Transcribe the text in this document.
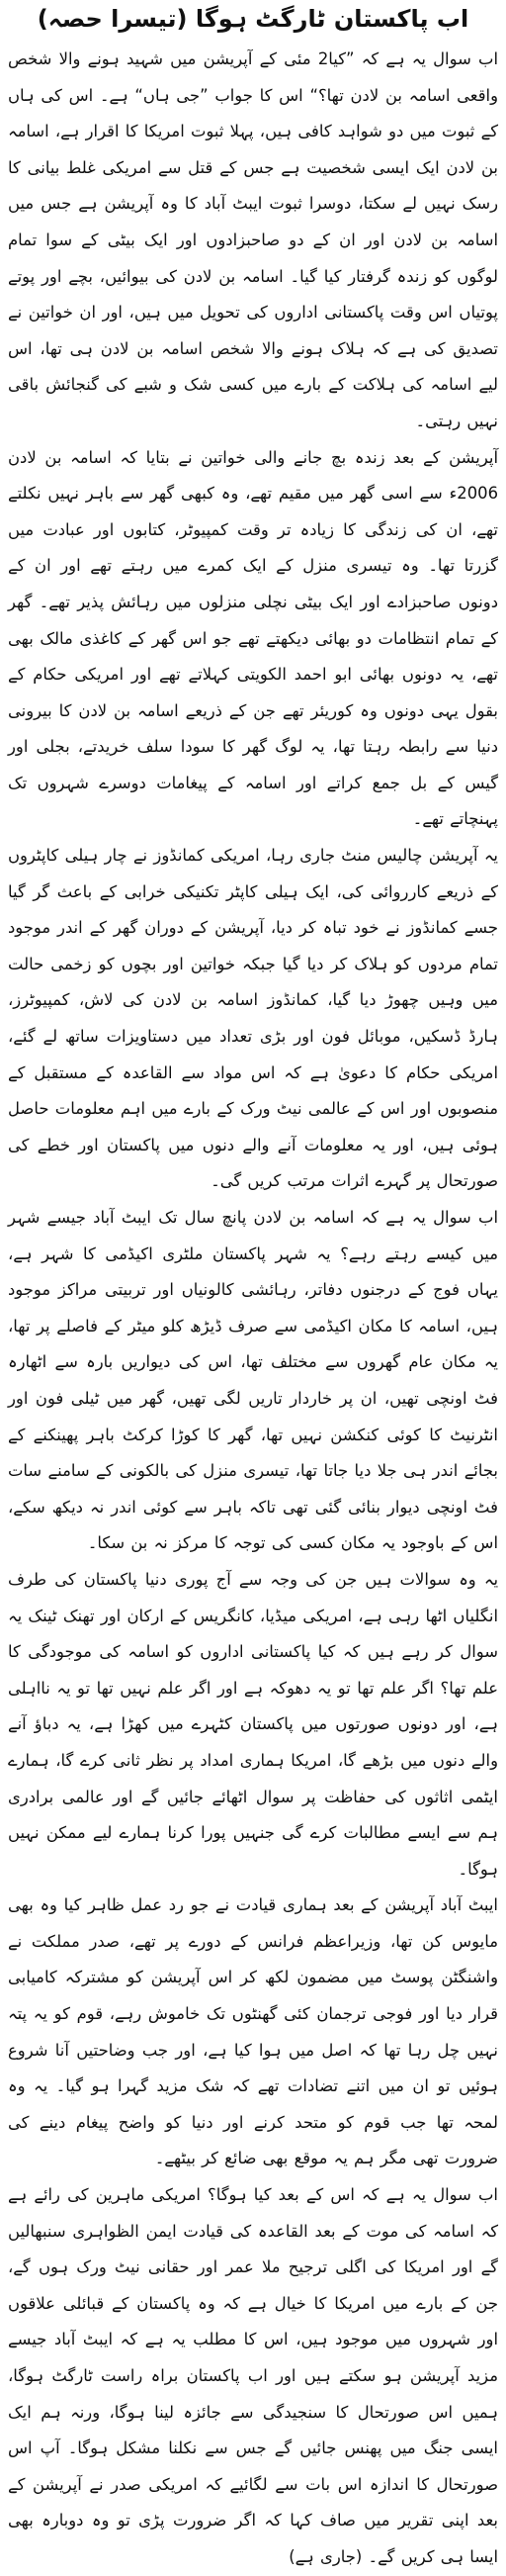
اب پاکستان ٹارگٹ ہوگا (تیسرا حصہ)

اب سوال یہ ہے کہ ”کیا2 مئی کے آپریشن میں شہید ہونے والا شخص واقعی اسامہ بن لادن تھا؟“ اس کا جواب ”جی ہاں“ ہے۔ اس کی ہاں کے ثبوت میں دو شواہد کافی ہیں، پہلا ثبوت امریکا کا اقرار ہے، اسامہ بن لادن ایک ایسی شخصیت ہے جس کے قتل سے امریکی غلط بیانی کا رسک نہیں لے سکتا، دوسرا ثبوت ایبٹ آباد کا وہ آپریشن ہے جس میں اسامہ بن لادن اور ان کے دو صاحبزادوں اور ایک بیٹی کے سوا تمام لوگوں کو زندہ گرفتار کیا گیا۔ اسامہ بن لادن کی بیوائیں، بچے اور پوتے پوتیاں اس وقت پاکستانی اداروں کی تحویل میں ہیں، اور ان خواتین نے تصدیق کی ہے کہ ہلاک ہونے والا شخص اسامہ بن لادن ہی تھا، اس لیے اسامہ کی ہلاکت کے بارے میں کسی شک و شبے کی گنجائش باقی نہیں رہتی۔

آپریشن کے بعد زندہ بچ جانے والی خواتین نے بتایا کہ اسامہ بن لادن 2006ء سے اسی گھر میں مقیم تھے، وہ کبھی گھر سے باہر نہیں نکلتے تھے، ان کی زندگی کا زیادہ تر وقت کمپیوٹر، کتابوں اور عبادت میں گزرتا تھا۔ وہ تیسری منزل کے ایک کمرے میں رہتے تھے اور ان کے دونوں صاحبزادے اور ایک بیٹی نچلی منزلوں میں رہائش پذیر تھے۔ گھر کے تمام انتظامات دو بھائی دیکھتے تھے جو اس گھر کے کاغذی مالک بھی تھے، یہ دونوں بھائی ابو احمد الکویتی کہلاتے تھے اور امریکی حکام کے بقول یہی دونوں وہ کوریئر تھے جن کے ذریعے اسامہ بن لادن کا بیرونی دنیا سے رابطہ رہتا تھا، یہ لوگ گھر کا سودا سلف خریدتے، بجلی اور گیس کے بل جمع کراتے اور اسامہ کے پیغامات دوسرے شہروں تک پہنچاتے تھے۔

یہ آپریشن چالیس منٹ جاری رہا، امریکی کمانڈوز نے چار ہیلی کاپٹروں کے ذریعے کارروائی کی، ایک ہیلی کاپٹر تکنیکی خرابی کے باعث گر گیا جسے کمانڈوز نے خود تباہ کر دیا، آپریشن کے دوران گھر کے اندر موجود تمام مردوں کو ہلاک کر دیا گیا جبکہ خواتین اور بچوں کو زخمی حالت میں وہیں چھوڑ دیا گیا، کمانڈوز اسامہ بن لادن کی لاش، کمپیوٹرز، ہارڈ ڈسکیں، موبائل فون اور بڑی تعداد میں دستاویزات ساتھ لے گئے، امریکی حکام کا دعویٰ ہے کہ اس مواد سے القاعدہ کے مستقبل کے منصوبوں اور اس کے عالمی نیٹ ورک کے بارے میں اہم معلومات حاصل ہوئی ہیں، اور یہ معلومات آنے والے دنوں میں پاکستان اور خطے کی صورتحال پر گہرے اثرات مرتب کریں گی۔

اب سوال یہ ہے کہ اسامہ بن لادن پانچ سال تک ایبٹ آباد جیسے شہر میں کیسے رہتے رہے؟ یہ شہر پاکستان ملٹری اکیڈمی کا شہر ہے، یہاں فوج کے درجنوں دفاتر، رہائشی کالونیاں اور تربیتی مراکز موجود ہیں، اسامہ کا مکان اکیڈمی سے صرف ڈیڑھ کلو میٹر کے فاصلے پر تھا، یہ مکان عام گھروں سے مختلف تھا، اس کی دیواریں بارہ سے اٹھارہ فٹ اونچی تھیں، ان پر خاردار تاریں لگی تھیں، گھر میں ٹیلی فون اور انٹرنیٹ کا کوئی کنکشن نہیں تھا، گھر کا کوڑا کرکٹ باہر پھینکنے کے بجائے اندر ہی جلا دیا جاتا تھا، تیسری منزل کی بالکونی کے سامنے سات فٹ اونچی دیوار بنائی گئی تھی تاکہ باہر سے کوئی اندر نہ دیکھ سکے، اس کے باوجود یہ مکان کسی کی توجہ کا مرکز نہ بن سکا۔

یہ وہ سوالات ہیں جن کی وجہ سے آج پوری دنیا پاکستان کی طرف انگلیاں اٹھا رہی ہے، امریکی میڈیا، کانگریس کے ارکان اور تھنک ٹینک یہ سوال کر رہے ہیں کہ کیا پاکستانی اداروں کو اسامہ کی موجودگی کا علم تھا؟ اگر علم تھا تو یہ دھوکہ ہے اور اگر علم نہیں تھا تو یہ نااہلی ہے، اور دونوں صورتوں میں پاکستان کٹہرے میں کھڑا ہے، یہ دباؤ آنے والے دنوں میں بڑھے گا، امریکا ہماری امداد پر نظر ثانی کرے گا، ہمارے ایٹمی اثاثوں کی حفاظت پر سوال اٹھائے جائیں گے اور عالمی برادری ہم سے ایسے مطالبات کرے گی جنہیں پورا کرنا ہمارے لیے ممکن نہیں ہوگا۔

ایبٹ آباد آپریشن کے بعد ہماری قیادت نے جو رد عمل ظاہر کیا وہ بھی مایوس کن تھا، وزیراعظم فرانس کے دورے پر تھے، صدر مملکت نے واشنگٹن پوسٹ میں مضمون لکھ کر اس آپریشن کو مشترکہ کامیابی قرار دیا اور فوجی ترجمان کئی گھنٹوں تک خاموش رہے، قوم کو یہ پتہ نہیں چل رہا تھا کہ اصل میں ہوا کیا ہے، اور جب وضاحتیں آنا شروع ہوئیں تو ان میں اتنے تضادات تھے کہ شک مزید گہرا ہو گیا۔ یہ وہ لمحہ تھا جب قوم کو متحد کرنے اور دنیا کو واضح پیغام دینے کی ضرورت تھی مگر ہم یہ موقع بھی ضائع کر بیٹھے۔

اب سوال یہ ہے کہ اس کے بعد کیا ہوگا؟ امریکی ماہرین کی رائے ہے کہ اسامہ کی موت کے بعد القاعدہ کی قیادت ایمن الظواہری سنبھالیں گے اور امریکا کی اگلی ترجیح ملا عمر اور حقانی نیٹ ورک ہوں گے، جن کے بارے میں امریکا کا خیال ہے کہ وہ پاکستان کے قبائلی علاقوں اور شہروں میں موجود ہیں، اس کا مطلب یہ ہے کہ ایبٹ آباد جیسے مزید آپریشن ہو سکتے ہیں اور اب پاکستان براہ راست ٹارگٹ ہوگا، ہمیں اس صورتحال کا سنجیدگی سے جائزہ لینا ہوگا، ورنہ ہم ایک ایسی جنگ میں پھنس جائیں گے جس سے نکلنا مشکل ہوگا۔ آپ اس صورتحال کا اندازہ اس بات سے لگائیے کہ امریکی صدر نے آپریشن کے بعد اپنی تقریر میں صاف کہا کہ اگر ضرورت پڑی تو وہ دوبارہ بھی ایسا ہی کریں گے۔ (جاری ہے)
